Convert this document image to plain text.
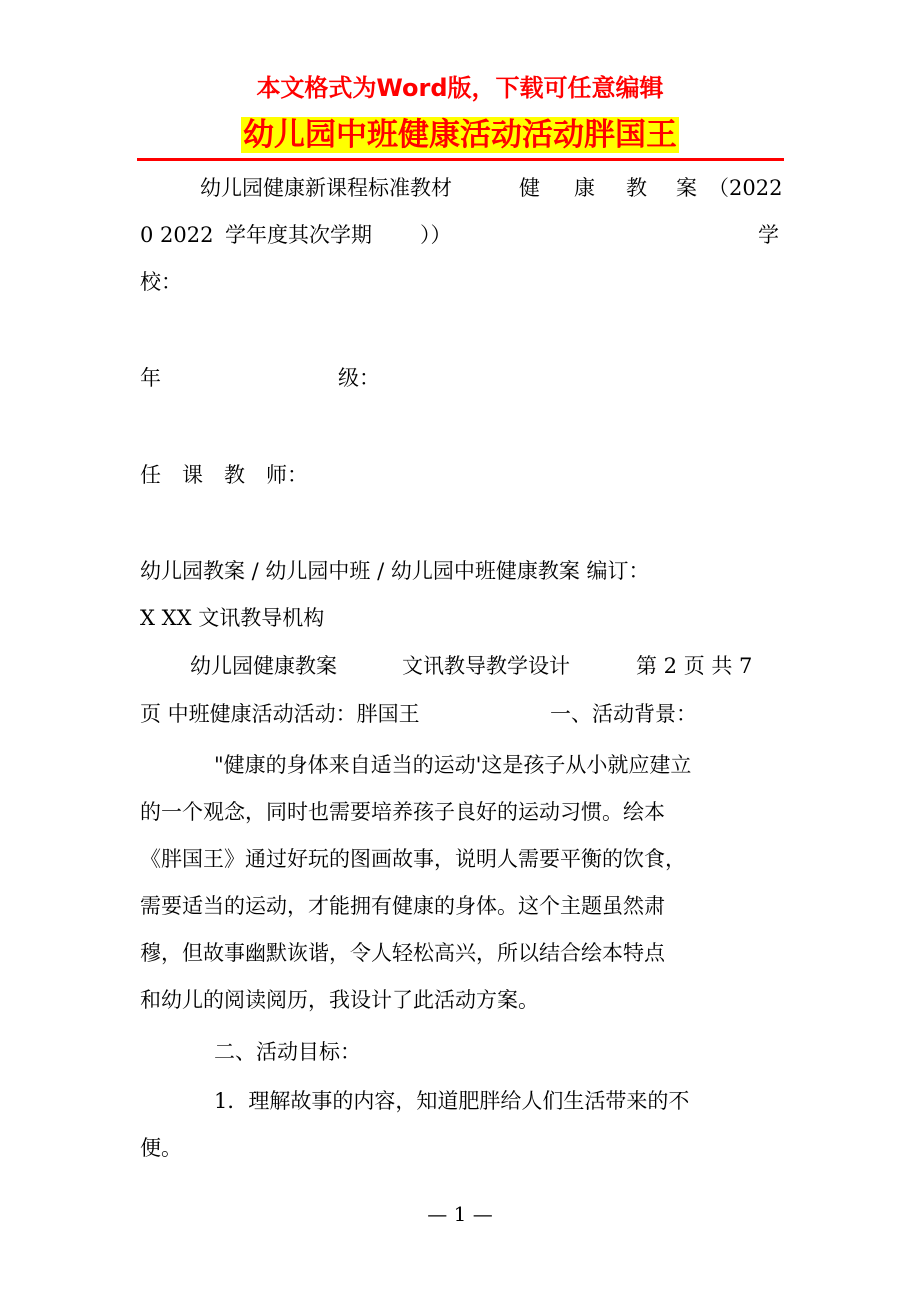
本文格式为Word版，下载可任意编辑
幼儿园中班健康活动活动胖国王
幼儿园健康新课程标准教材	健 康 教 案 （2022
0 2022 学年度其次学期 ））	学
校：
年	级：
任　课　教　师：
幼儿园教案 / 幼儿园中班 / 幼儿园中班健康教案 编订：
X XX 文讯教导机构
幼儿园健康教案	文讯教导教学设计	第 2 页 共 7
页 中班健康活动活动：胖国王	一、活动背景：
"健康的身体来自适当的运动'这是孩子从小就应建立
的一个观念，同时也需要培养孩子良好的运动习惯。绘本
《胖国王》通过好玩的图画故事，说明人需要平衡的饮食，
需要适当的运动，才能拥有健康的身体。这个主题虽然肃
穆，但故事幽默诙谐，令人轻松高兴，所以结合绘本特点
和幼儿的阅读阅历，我设计了此活动方案。
二、活动目标：
1．理解故事的内容，知道肥胖给人们生活带来的不
便。
— 1 —
